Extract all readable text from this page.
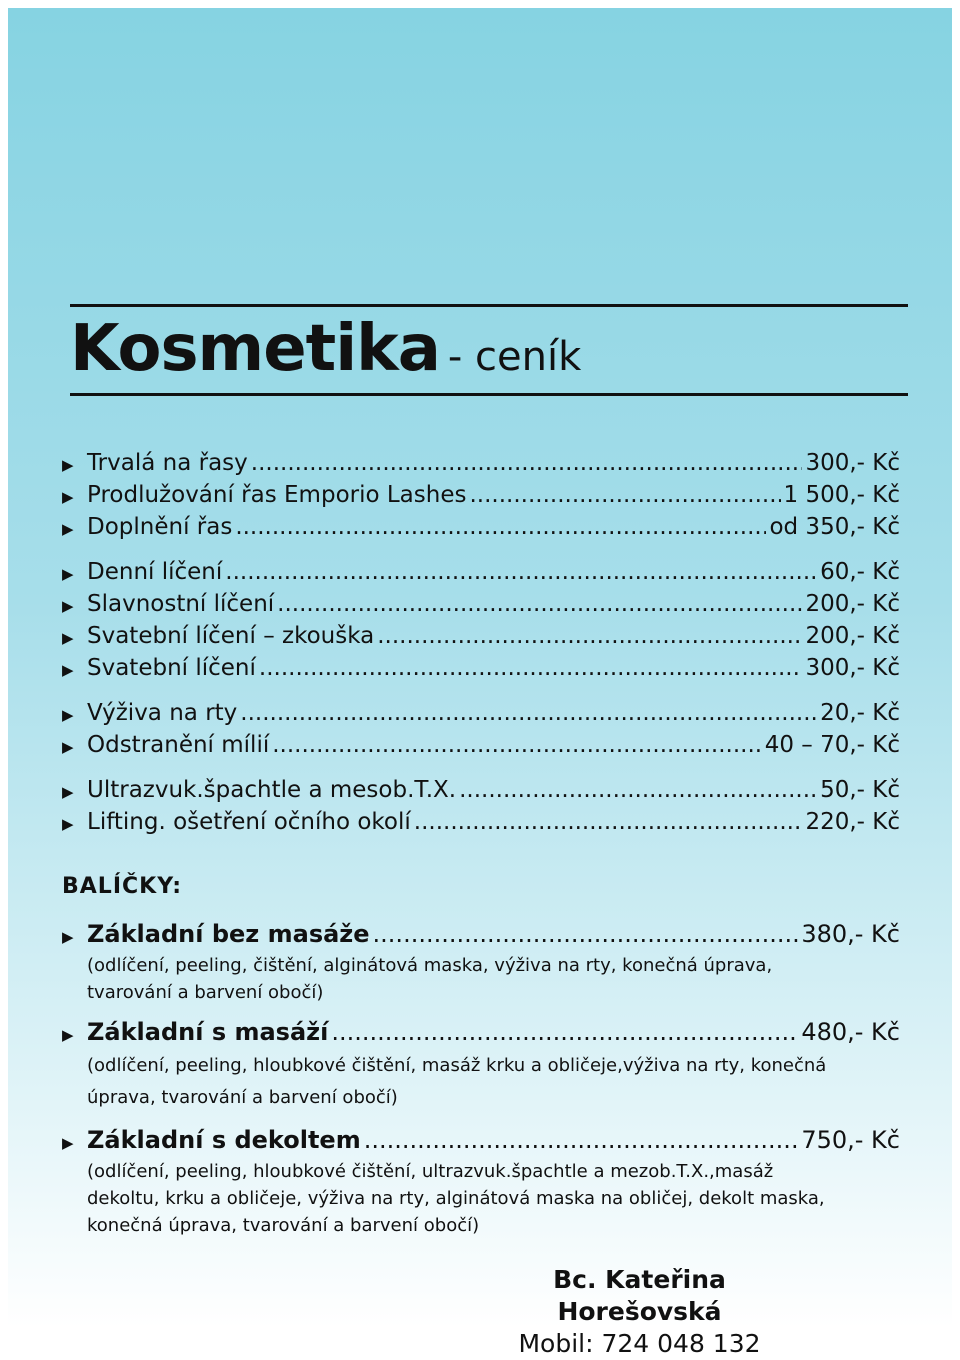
Kosmetika - ceník
▶ Trvalá na řasy .....	300,- Kč
▶ Prodlužování řas Emporio Lashes .....	1 500,- Kč
▶ Doplnění řas .....	od 350,- Kč
▶ Denní líčení .....	60,- Kč
▶ Slavnostní líčení .....	200,- Kč
▶ Svatební líčení – zkouška .....	200,- Kč
▶ Svatební líčení .....	300,- Kč
▶ Výživa na rty .....	20,- Kč
▶ Odstranění mílií .....	40 – 70,- Kč
▶ Ultrazvuk.špachtle a mesob.T.X. .....	50,- Kč
▶ Lifting. ošetření očního okolí .....	220,- Kč
BALÍČKY:
▶ Základní bez masáže .....	380,- Kč
(odlíčení, peeling, čištění, alginátová maska, výživa na rty, konečná úprava,
tvarování a barvení obočí)
▶ Základní s masáží .....	480,- Kč
(odlíčení, peeling, hloubkové čištění, masáž krku a obličeje,výživa na rty, konečná
úprava, tvarování a barvení obočí)
▶ Základní s dekoltem .....	750,- Kč
(odlíčení, peeling, hloubkové čištění, ultrazvuk.špachtle a mezob.T.X.,masáž
dekoltu, krku a obličeje, výživa na rty, alginátová maska na obličej, dekolt maska,
konečná úprava, tvarování a barvení obočí)
Bc. Kateřina Horešovská
Mobil: 724 048 132
